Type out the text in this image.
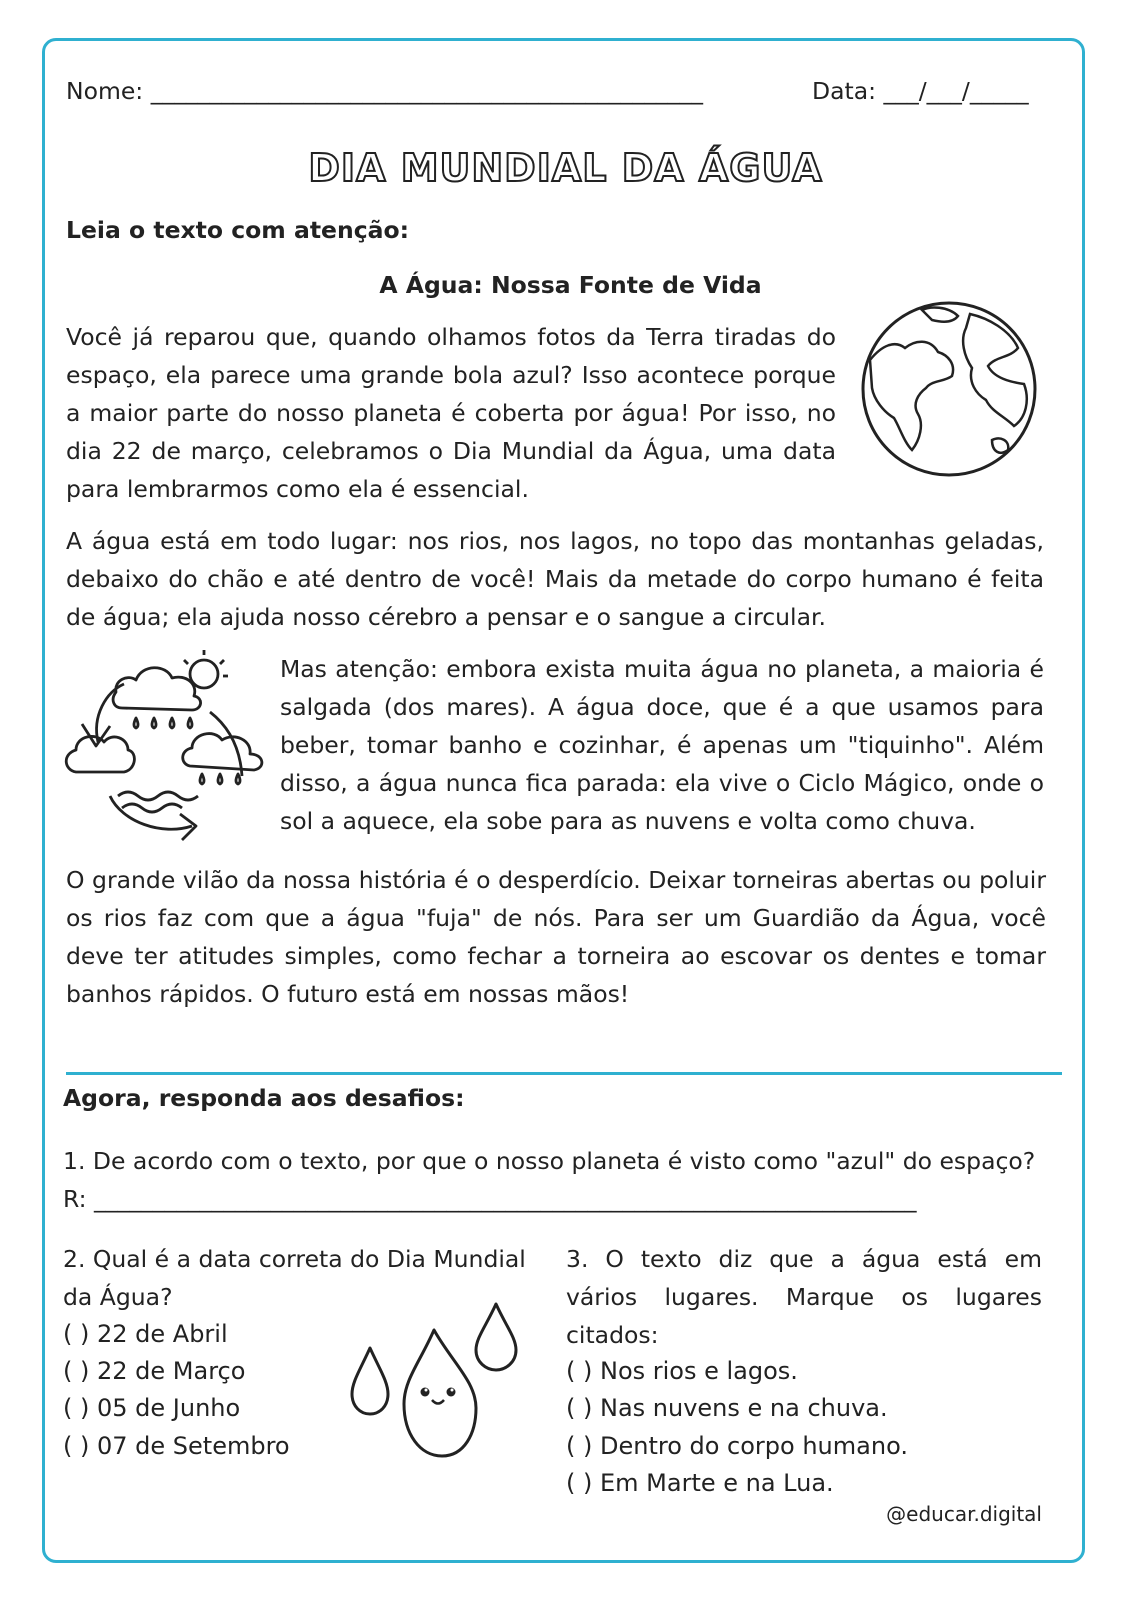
Nome: _______________________________________________	Data: ___/___/_____
DIA MUNDIAL DA ÁGUA
Leia o texto com atenção:
A Água: Nossa Fonte de Vida
Você já reparou que, quando olhamos fotos da Terra tiradas do espaço, ela parece uma grande bola azul? Isso acontece porque a maior parte do nosso planeta é coberta por água! Por isso, no dia 22 de março, celebramos o Dia Mundial da Água, uma data para lembrarmos como ela é essencial.
A água está em todo lugar: nos rios, nos lagos, no topo das montanhas geladas, debaixo do chão e até dentro de você! Mais da metade do corpo humano é feita de água; ela ajuda nosso cérebro a pensar e o sangue a circular.
Mas atenção: embora exista muita água no planeta, a maioria é salgada (dos mares). A água doce, que é a que usamos para beber, tomar banho e cozinhar, é apenas um "tiquinho". Além disso, a água nunca fica parada: ela vive o Ciclo Mágico, onde o sol a aquece, ela sobe para as nuvens e volta como chuva.
O grande vilão da nossa história é o desperdício. Deixar torneiras abertas ou poluir os rios faz com que a água "fuja" de nós. Para ser um Guardião da Água, você deve ter atitudes simples, como fechar a torneira ao escovar os dentes e tomar banhos rápidos. O futuro está em nossas mãos!
Agora, responda aos desafios:
1. De acordo com o texto, por que o nosso planeta é visto como "azul" do espaço?
R: ______________________________________________________________________
2. Qual é a data correta do Dia Mundial da Água?
( ) 22 de Abril
( ) 22 de Março
( ) 05 de Junho
( ) 07 de Setembro
3. O texto diz que a água está em vários lugares. Marque os lugares citados:
( ) Nos rios e lagos.
( ) Nas nuvens e na chuva.
( ) Dentro do corpo humano.
( ) Em Marte e na Lua.
@educar.digital
